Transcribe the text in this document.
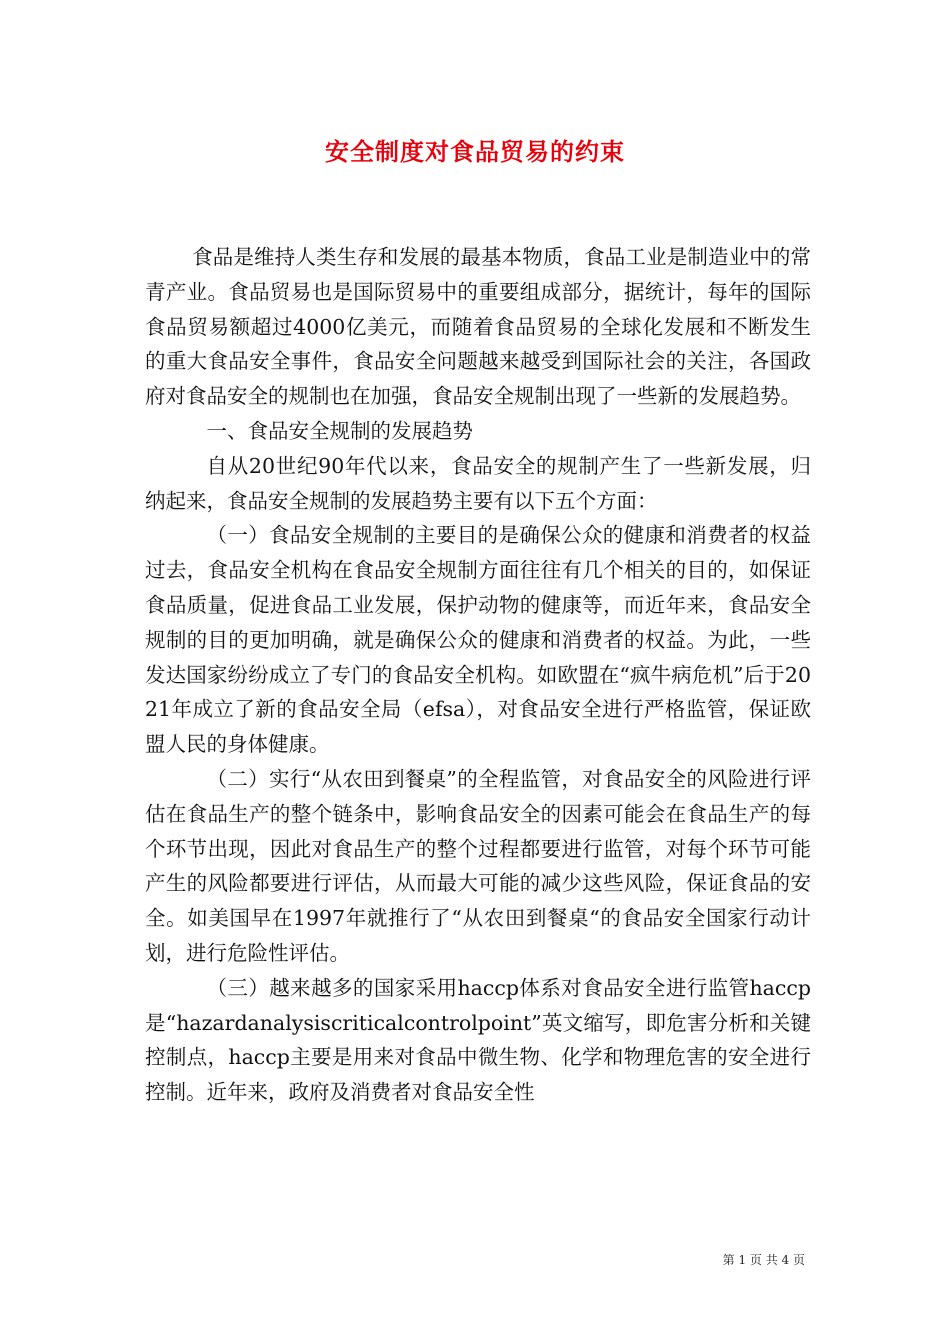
安全制度对食品贸易的约束

食品是维持人类生存和发展的最基本物质，食品工业是制造业中的常青产业。食品贸易也是国际贸易中的重要组成部分，据统计，每年的国际食品贸易额超过4000亿美元，而随着食品贸易的全球化发展和不断发生的重大食品安全事件，食品安全问题越来越受到国际社会的关注，各国政府对食品安全的规制也在加强，食品安全规制出现了一些新的发展趋势。

一、食品安全规制的发展趋势

自从20世纪90年代以来，食品安全的规制产生了一些新发展，归纳起来，食品安全规制的发展趋势主要有以下五个方面：

（一）食品安全规制的主要目的是确保公众的健康和消费者的权益过去，食品安全机构在食品安全规制方面往往有几个相关的目的，如保证食品质量，促进食品工业发展，保护动物的健康等，而近年来，食品安全规制的目的更加明确，就是确保公众的健康和消费者的权益。为此，一些发达国家纷纷成立了专门的食品安全机构。如欧盟在“疯牛病危机”后于2021年成立了新的食品安全局（efsa），对食品安全进行严格监管，保证欧盟人民的身体健康。

（二）实行“从农田到餐桌”的全程监管，对食品安全的风险进行评估在食品生产的整个链条中，影响食品安全的因素可能会在食品生产的每个环节出现，因此对食品生产的整个过程都要进行监管，对每个环节可能产生的风险都要进行评估，从而最大可能的减少这些风险，保证食品的安全。如美国早在1997年就推行了“从农田到餐桌“的食品安全国家行动计划，进行危险性评估。

（三）越来越多的国家采用haccp体系对食品安全进行监管haccp是“hazardanalysiscriticalcontrolpoint”英文缩写，即危害分析和关键控制点，haccp主要是用来对食品中微生物、化学和物理危害的安全进行控制。近年来，政府及消费者对食品安全性

第 1 页 共 4 页
